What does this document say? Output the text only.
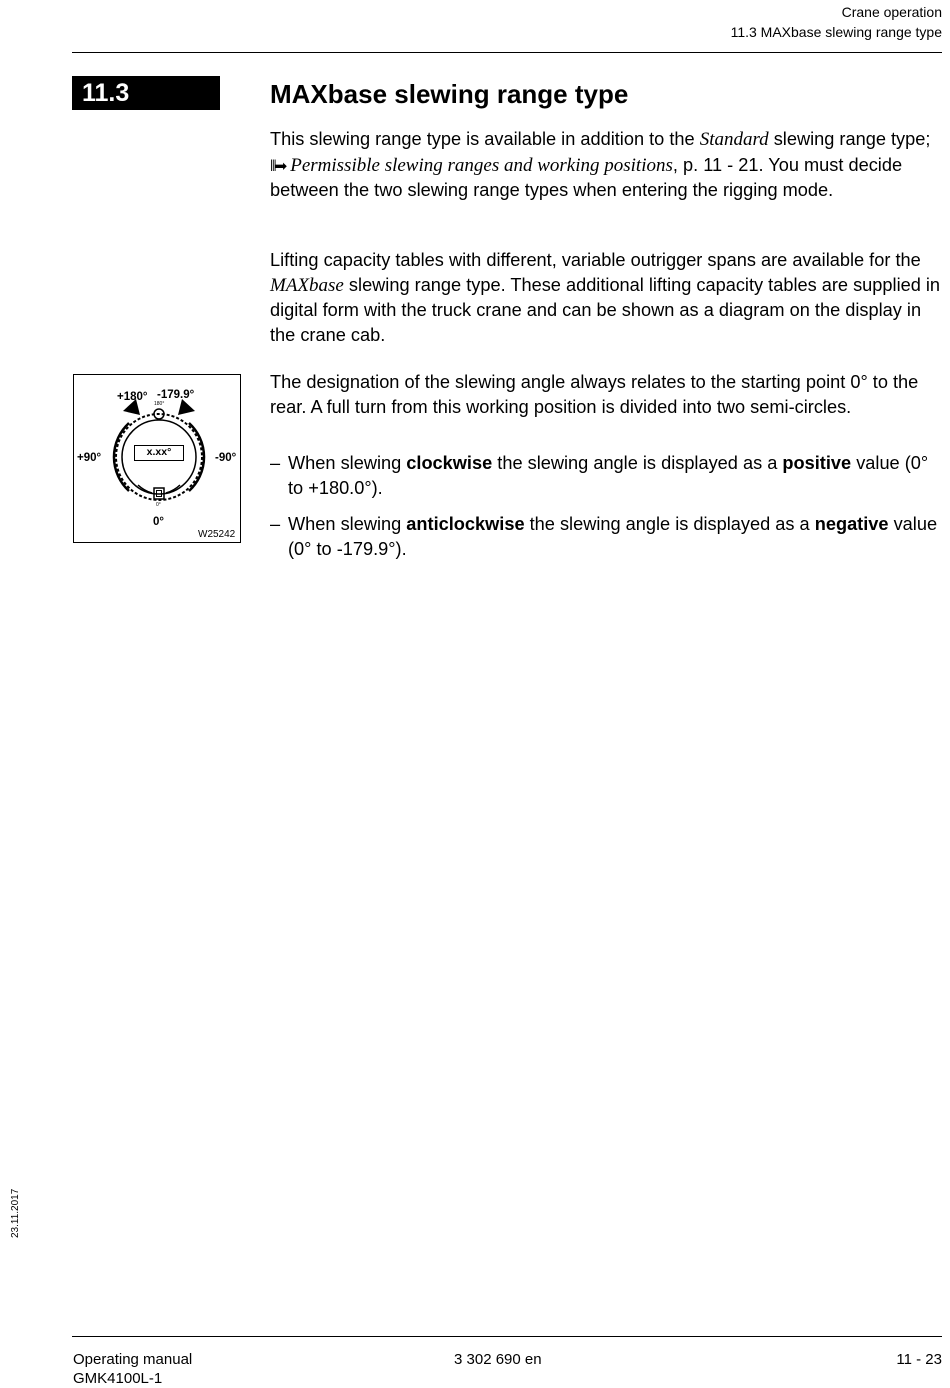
Crane operation
11.3 MAXbase slewing range type
11.3	MAXbase slewing range type

This slewing range type is available in addition to the Standard slewing range type; ⦀➡ Permissible slewing ranges and working positions, p. 11 - 21. You must decide between the two slewing range types when entering the rigging mode.

Lifting capacity tables with different, variable outrigger spans are available for the MAXbase slewing range type. These additional lifting capacity tables are supplied in digital form with the truck crane and can be shown as a diagram on the display in the crane cab.

+180° -179.9°
+90°	-90°
0°
180°
0°
x.xx°
W25242

The designation of the slewing angle always relates to the starting point 0° to the rear. A full turn from this working position is divided into two semi-circles.

– When slewing clockwise the slewing angle is displayed as a positive value (0° to +180.0°).
– When slewing anticlockwise the slewing angle is displayed as a negative value (0° to -179.9°).
23.11.2017
Operating manual
GMK4100L-1
3 302 690 en	11 - 23
